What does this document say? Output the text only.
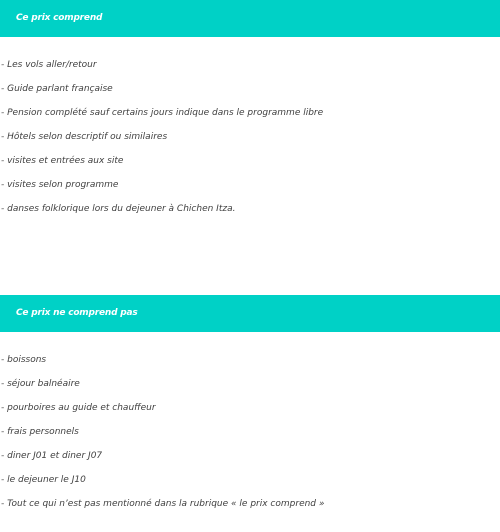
Ce prix comprend
- Les vols aller/retour
- Guide parlant française
- Pension complété sauf certains jours indique dans le programme libre
- Hôtels selon descriptif ou similaires
- visites et entrées aux site
- visites selon programme
- danses folklorique lors du dejeuner à Chichen Itza.
Ce prix ne comprend pas
- boissons
- séjour balnéaire
- pourboires au guide et chauffeur
- frais personnels
- diner J01 et diner J07
- le dejeuner le J10
- Tout ce qui n’est pas mentionné dans la rubrique « le prix comprend »
